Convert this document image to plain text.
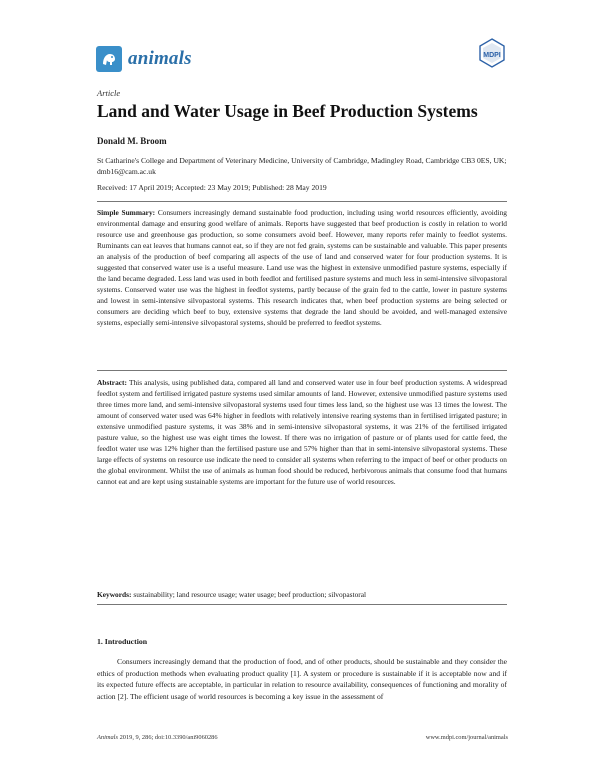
animals	MDPI
Article
Land and Water Usage in Beef Production Systems
Donald M. Broom
St Catharine's College and Department of Veterinary Medicine, University of Cambridge, Madingley Road, Cambridge CB3 0ES, UK; dmb16@cam.ac.uk
Received: 17 April 2019; Accepted: 23 May 2019; Published: 28 May 2019
Simple Summary: Consumers increasingly demand sustainable food production, including using world resources efficiently, avoiding environmental damage and ensuring good welfare of animals. Reports have suggested that beef production is costly in relation to world resource use and greenhouse gas production, so some consumers avoid beef. However, many reports refer mainly to feedlot systems. Ruminants can eat leaves that humans cannot eat, so if they are not fed grain, systems can be sustainable and valuable. This paper presents an analysis of the production of beef comparing all aspects of the use of land and conserved water for four production systems. It is suggested that conserved water use is a useful measure. Land use was the highest in extensive unmodified pasture systems, especially if the land became degraded. Less land was used in both feedlot and fertilised pasture systems and much less in semi-intensive silvopastoral systems. Conserved water use was the highest in feedlot systems, partly because of the grain fed to the cattle, lower in pasture systems and lowest in semi-intensive silvopastoral systems. This research indicates that, when beef production systems are being selected or consumers are deciding which beef to buy, extensive systems that degrade the land should be avoided, and well-managed extensive systems, especially semi-intensive silvopastoral systems, should be preferred to feedlot systems.
Abstract: This analysis, using published data, compared all land and conserved water use in four beef production systems. A widespread feedlot system and fertilised irrigated pasture systems used similar amounts of land. However, extensive unmodified pasture systems used three times more land, and semi-intensive silvopastoral systems used four times less land, so the highest use was 13 times the lowest. The amount of conserved water used was 64% higher in feedlots with relatively intensive rearing systems than in fertilised irrigated pasture; in extensive unmodified pasture systems, it was 38% and in semi-intensive silvopastoral systems, it was 21% of the fertilised irrigated pasture value, so the highest use was eight times the lowest. If there was no irrigation of pasture or of plants used for cattle feed, the feedlot water use was 12% higher than the fertilised pasture use and 57% higher than that in semi-intensive silvopastoral systems. These large effects of systems on resource use indicate the need to consider all systems when referring to the impact of beef or other products on the global environment. Whilst the use of animals as human food should be reduced, herbivorous animals that consume food that humans cannot eat and are kept using sustainable systems are important for the future use of world resources.
Keywords: sustainability; land resource usage; water usage; beef production; silvopastoral
1. Introduction
Consumers increasingly demand that the production of food, and of other products, should be sustainable and they consider the ethics of production methods when evaluating product quality [1]. A system or procedure is sustainable if it is acceptable now and if its expected future effects are acceptable, in particular in relation to resource availability, consequences of functioning and morality of action [2]. The efficient usage of world resources is becoming a key issue in the assessment of
Animals 2019, 9, 286; doi:10.3390/ani9060286	www.mdpi.com/journal/animals
